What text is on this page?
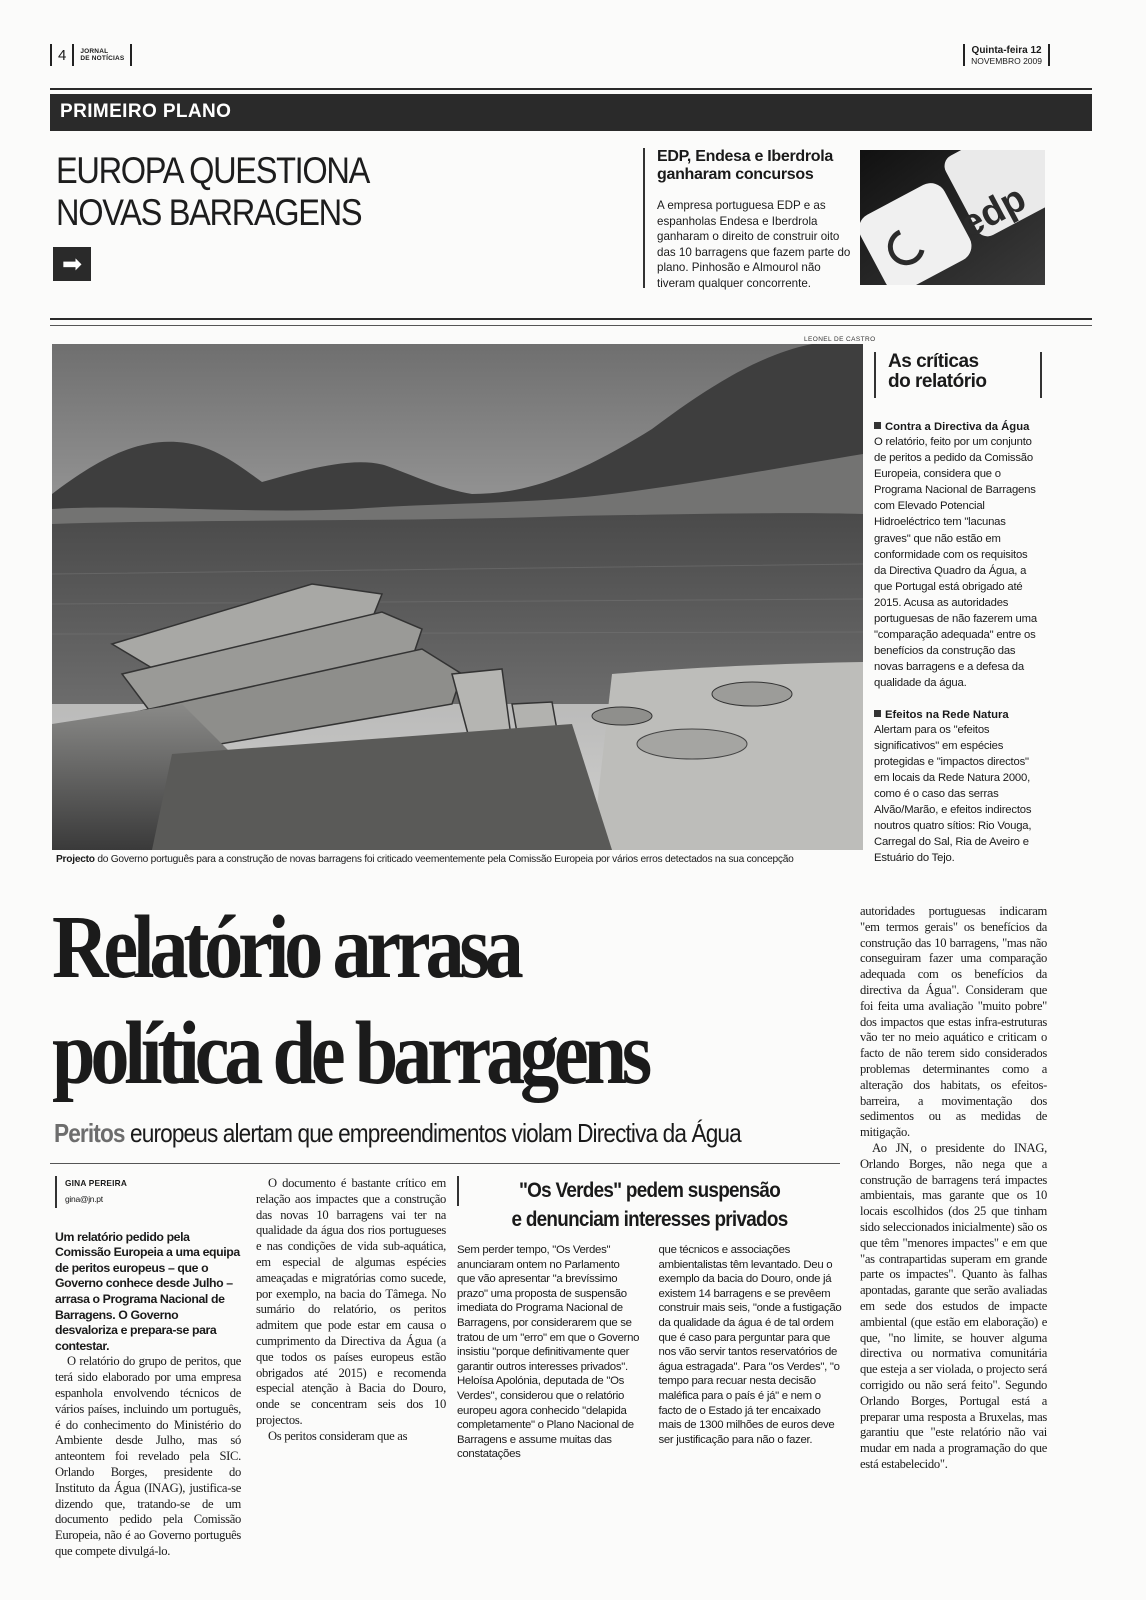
4 JORNAL
DE NOTÍCIAS
Quinta-feira 12
NOVEMBRO 2009
PRIMEIRO PLANO
EUROPA QUESTIONA
NOVAS BARRAGENS
➡
EDP, Endesa e Iberdrola ganharam concursos
A empresa portuguesa EDP e as espanholas Endesa e Iberdrola ganharam o direito de construir oito das 10 barragens que fazem parte do plano. Pinhosão e Almourol não tiveram qualquer concorrente.
edp
LEONEL DE CASTRO
Projecto do Governo português para a construção de novas barragens foi criticado veementemente pela Comissão Europeia por vários erros detectados na sua concepção
As críticas
do relatório
Contra a Directiva da Água
O relatório, feito por um conjunto de peritos a pedido da Comissão Europeia, considera que o Programa Nacional de Barragens com Elevado Potencial Hidroeléctrico tem "lacunas graves" que não estão em conformidade com os requisitos da Directiva Quadro da Água, a que Portugal está obrigado até 2015. Acusa as autoridades portuguesas de não fazerem uma "comparação adequada" entre os benefícios da construção das novas barragens e a defesa da qualidade da água.
Efeitos na Rede Natura
Alertam para os "efeitos significativos" em espécies protegidas e "impactos directos" em locais da Rede Natura 2000, como é o caso das serras Alvão/Marão, e efeitos indirectos noutros quatro sítios: Rio Vouga, Carregal do Sal, Ria de Aveiro e Estuário do Tejo.
Relatório arrasa
política de barragens
Peritos europeus alertam que empreendimentos violam Directiva da Água
GINA PEREIRA
gina@jn.pt

Um relatório pedido pela Comissão Europeia a uma equipa de peritos europeus – que o Governo conhece desde Julho – arrasa o Programa Nacional de Barragens. O Governo desvaloriza e prepara-se para contestar.

O relatório do grupo de peritos, que terá sido elaborado por uma empresa espanhola envolvendo técnicos de vários países, incluindo um português, é do conhecimento do Ministério do Ambiente desde Julho, mas só anteontem foi revelado pela SIC. Orlando Borges, presidente do Instituto da Água (INAG), justifica-se dizendo que, tratando-se de um documento pedido pela Comissão Europeia, não é ao Governo português que compete divulgá-lo.

O documento é bastante crítico em relação aos impactes que a construção das novas 10 barragens vai ter na qualidade da água dos rios portugueses e nas condições de vida sub-aquática, em especial de algumas espécies ameaçadas e migratórias como sucede, por exemplo, na bacia do Tâmega. No sumário do relatório, os peritos admitem que pode estar em causa o cumprimento da Directiva da Água (a que todos os países europeus estão obrigados até 2015) e recomenda especial atenção à Bacia do Douro, onde se concentram seis dos 10 projectos.

Os peritos consideram que as

"Os Verdes" pedem suspensão
e denunciam interesses privados
Sem perder tempo, "Os Verdes" anunciaram ontem no Parlamento que vão apresentar "a brevíssimo prazo" uma proposta de suspensão imediata do Programa Nacional de Barragens, por considerarem que se tratou de um "erro" em que o Governo insistiu "porque definitivamente quer garantir outros interesses privados". Heloísa Apolónia, deputada de "Os Verdes", considerou que o relatório europeu agora conhecido "delapida completamente" o Plano Nacional de Barragens e assume muitas das constatações
que técnicos e associações ambientalistas têm levantado. Deu o exemplo da bacia do Douro, onde já existem 14 barragens e se prevêem construir mais seis, "onde a fustigação da qualidade da água é de tal ordem que é caso para perguntar para que nos vão servir tantos reservatórios de água estragada". Para "os Verdes", "o tempo para recuar nesta decisão maléfica para o país é já" e nem o facto de o Estado já ter encaixado mais de 1300 milhões de euros deve ser justificação para não o fazer.

autoridades portuguesas indicaram "em termos gerais" os benefícios da construção das 10 barragens, "mas não conseguiram fazer uma comparação adequada com os benefícios da directiva da Água". Consideram que foi feita uma avaliação "muito pobre" dos impactos que estas infra-estruturas vão ter no meio aquático e criticam o facto de não terem sido considerados problemas determinantes como a alteração dos habitats, os efeitos-barreira, a movimentação dos sedimentos ou as medidas de mitigação.

Ao JN, o presidente do INAG, Orlando Borges, não nega que a construção de barragens terá impactes ambientais, mas garante que os 10 locais escolhidos (dos 25 que tinham sido seleccionados inicialmente) são os que têm "menores impactes" e em que "as contrapartidas superam em grande parte os impactes". Quanto às falhas apontadas, garante que serão avaliadas em sede dos estudos de impacte ambiental (que estão em elaboração) e que, "no limite, se houver alguma directiva ou normativa comunitária que esteja a ser violada, o projecto será corrigido ou não será feito". Segundo Orlando Borges, Portugal está a preparar uma resposta a Bruxelas, mas garantiu que "este relatório não vai mudar em nada a programação do que está estabelecido".
